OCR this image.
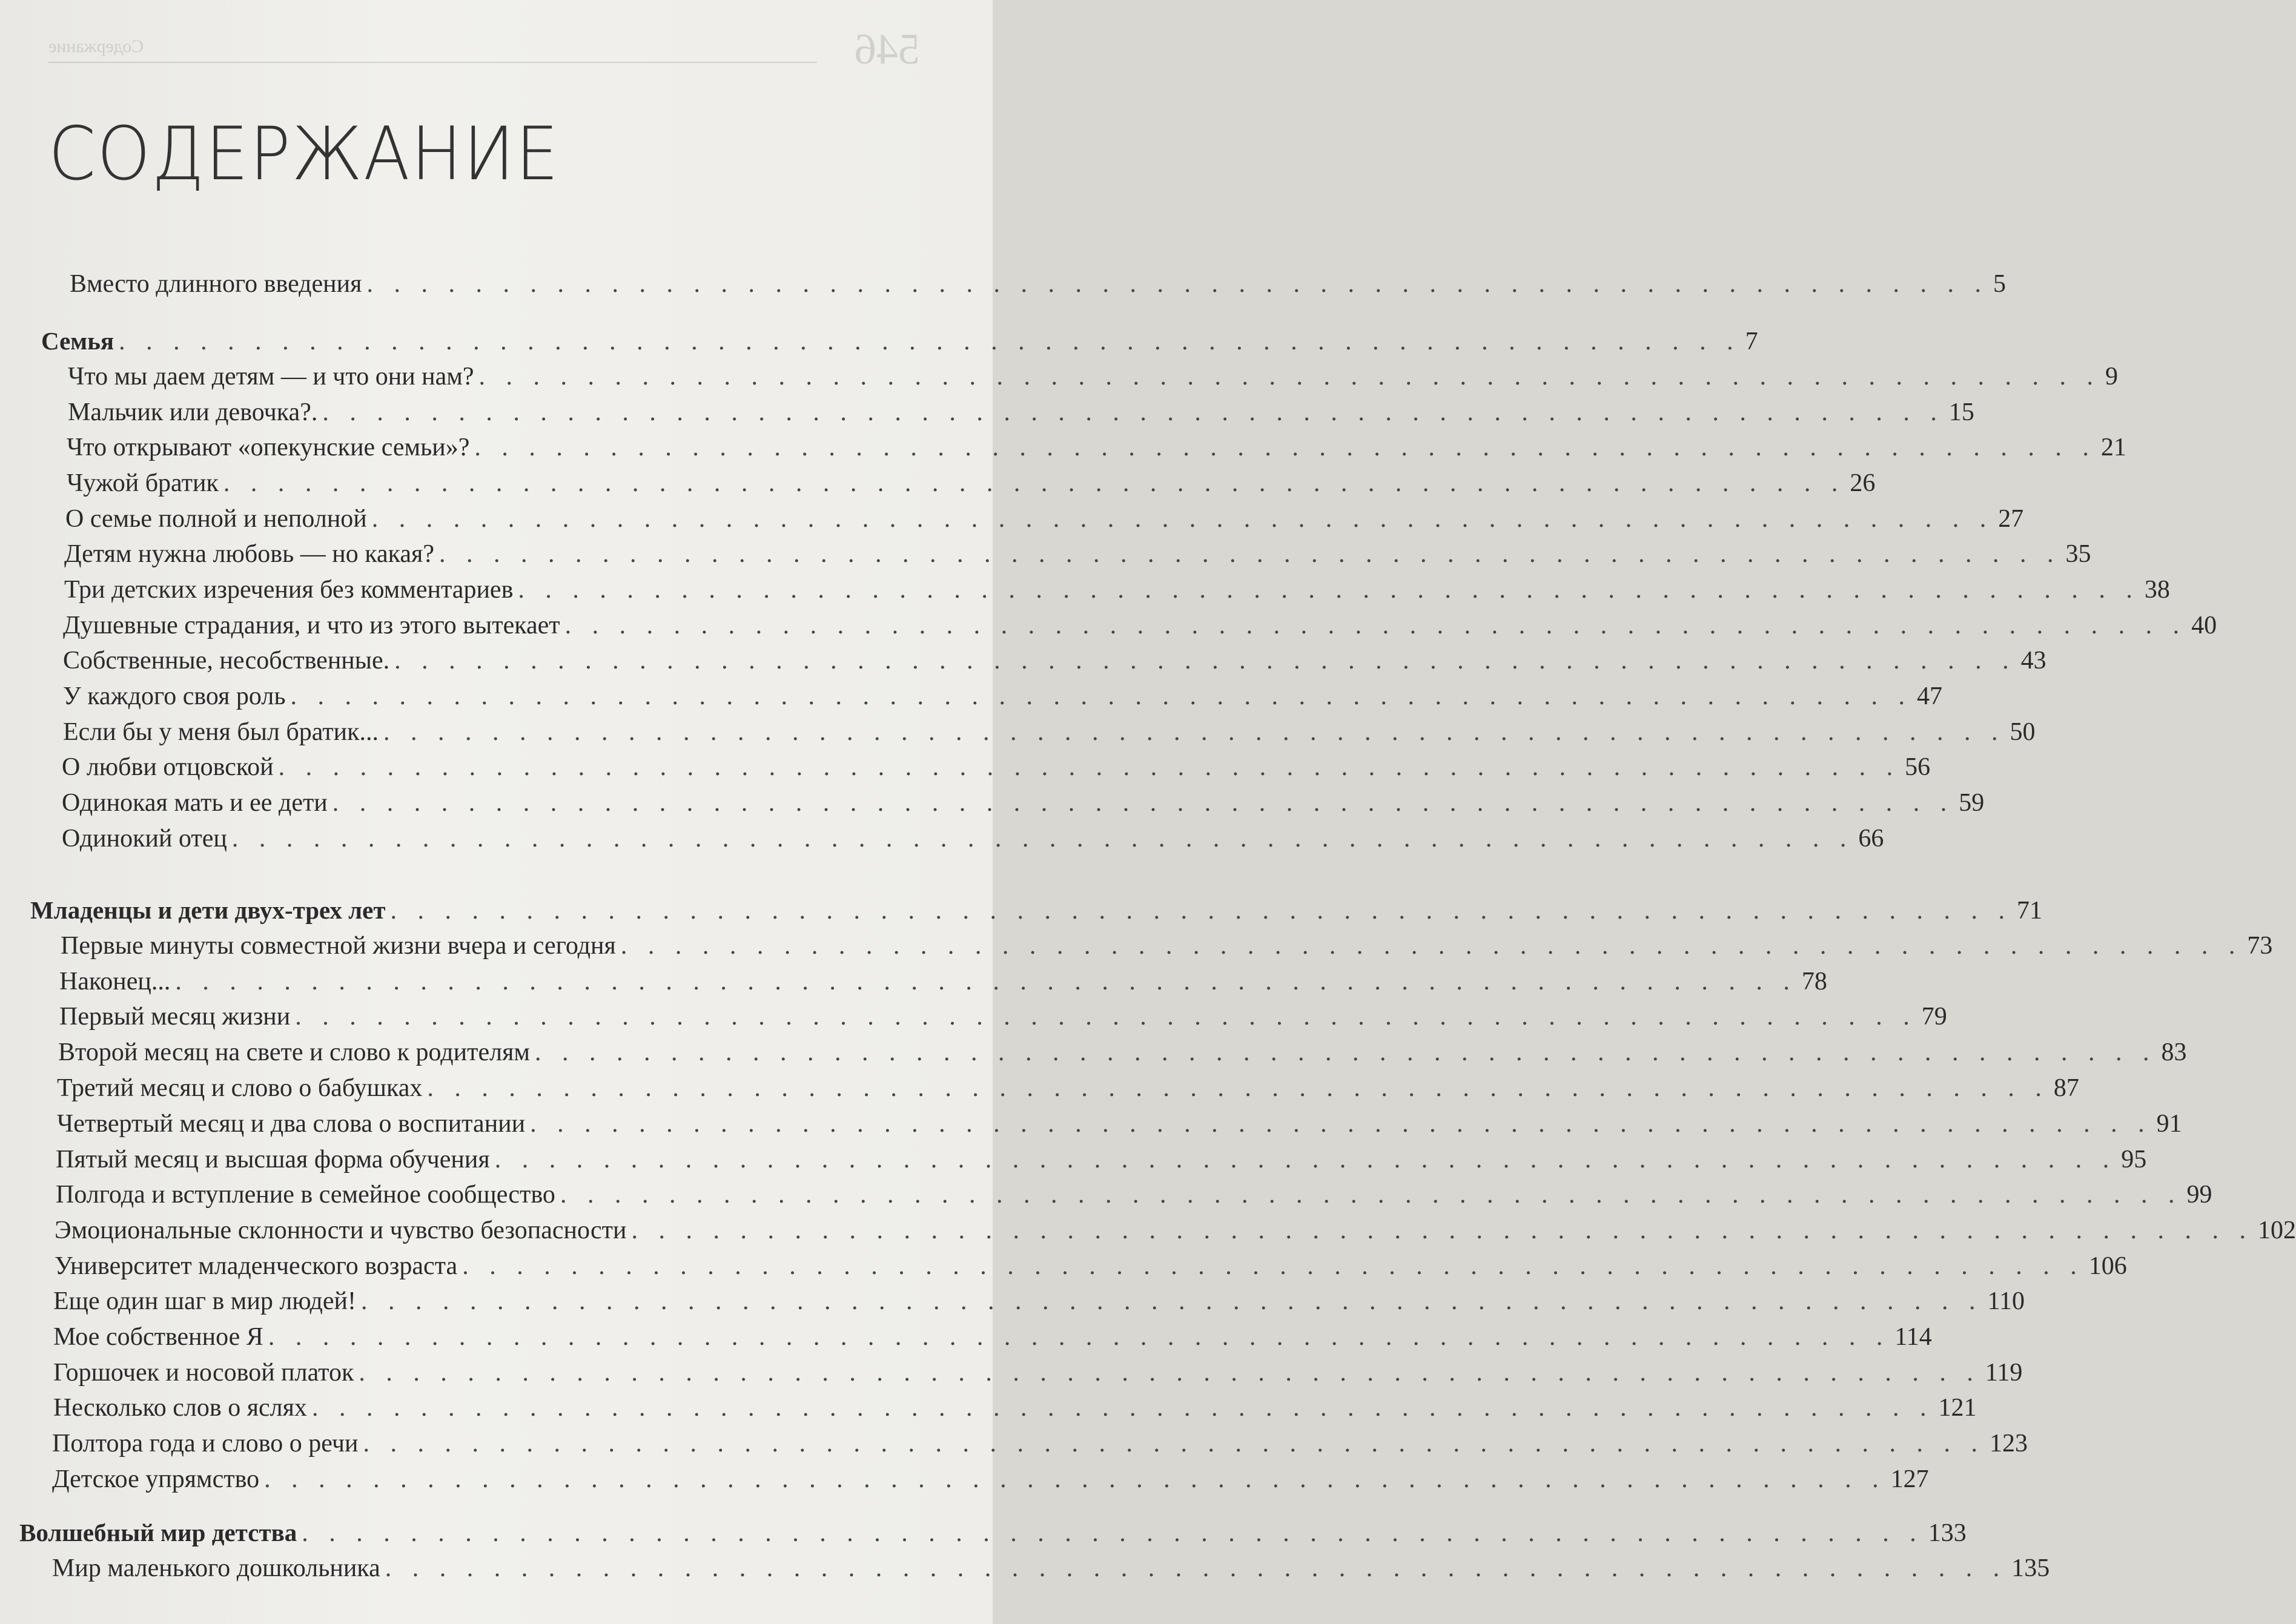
Содержание	546
СОДЕРЖАНИЕ
Вместо длинного введения . . . . . . . . . . . . . . . . . . . . . . . . . . . . . . . . . . . . . . . . . . . . . . . . . . . . . . . . . . . . 5
Семья . . . . . . . . . . . . . . . . . . . . . . . . . . . . . . . . . . . . . . . . . . . . . . . . . . . . . . . . . . . . 7
Что мы даем детям — и что они нам? . . . . . . . . . . . . . . . . . . . . . . . . . . . . . . . . . . . . . . . . . . . . . . . . . . . . . . . . . . . . 9
Мальчик или девочка?. . . . . . . . . . . . . . . . . . . . . . . . . . . . . . . . . . . . . . . . . . . . . . . . . . . . . . . . . . . . . 15
Что открывают «опекунские семьи»? . . . . . . . . . . . . . . . . . . . . . . . . . . . . . . . . . . . . . . . . . . . . . . . . . . . . . . . . . . . . 21
Чужой братик . . . . . . . . . . . . . . . . . . . . . . . . . . . . . . . . . . . . . . . . . . . . . . . . . . . . . . . . . . . . 26
О семье полной и неполной . . . . . . . . . . . . . . . . . . . . . . . . . . . . . . . . . . . . . . . . . . . . . . . . . . . . . . . . . . . . 27
Детям нужна любовь — но какая? . . . . . . . . . . . . . . . . . . . . . . . . . . . . . . . . . . . . . . . . . . . . . . . . . . . . . . . . . . . . 35
Три детских изречения без комментариев . . . . . . . . . . . . . . . . . . . . . . . . . . . . . . . . . . . . . . . . . . . . . . . . . . . . . . . . . . . . 38
Душевные страдания, и что из этого вытекает . . . . . . . . . . . . . . . . . . . . . . . . . . . . . . . . . . . . . . . . . . . . . . . . . . . . . . . . . . . . 40
Собственные, несобственные. . . . . . . . . . . . . . . . . . . . . . . . . . . . . . . . . . . . . . . . . . . . . . . . . . . . . . . . . . . . . 43
У каждого своя роль . . . . . . . . . . . . . . . . . . . . . . . . . . . . . . . . . . . . . . . . . . . . . . . . . . . . . . . . . . . . 47
Если бы у меня был братик... . . . . . . . . . . . . . . . . . . . . . . . . . . . . . . . . . . . . . . . . . . . . . . . . . . . . . . . . . . . . 50
О любви отцовской . . . . . . . . . . . . . . . . . . . . . . . . . . . . . . . . . . . . . . . . . . . . . . . . . . . . . . . . . . . . 56
Одинокая мать и ее дети . . . . . . . . . . . . . . . . . . . . . . . . . . . . . . . . . . . . . . . . . . . . . . . . . . . . . . . . . . . . 59
Одинокий отец . . . . . . . . . . . . . . . . . . . . . . . . . . . . . . . . . . . . . . . . . . . . . . . . . . . . . . . . . . . . 66
Младенцы и дети двух-трех лет . . . . . . . . . . . . . . . . . . . . . . . . . . . . . . . . . . . . . . . . . . . . . . . . . . . . . . . . . . . . 71
Первые минуты совместной жизни вчера и сегодня . . . . . . . . . . . . . . . . . . . . . . . . . . . . . . . . . . . . . . . . . . . . . . . . . . . . . . . . . . . . 73
Наконец... . . . . . . . . . . . . . . . . . . . . . . . . . . . . . . . . . . . . . . . . . . . . . . . . . . . . . . . . . . . . 78
Первый месяц жизни . . . . . . . . . . . . . . . . . . . . . . . . . . . . . . . . . . . . . . . . . . . . . . . . . . . . . . . . . . . . 79
Второй месяц на свете и слово к родителям . . . . . . . . . . . . . . . . . . . . . . . . . . . . . . . . . . . . . . . . . . . . . . . . . . . . . . . . . . . . 83
Третий месяц и слово о бабушках . . . . . . . . . . . . . . . . . . . . . . . . . . . . . . . . . . . . . . . . . . . . . . . . . . . . . . . . . . . . 87
Четвертый месяц и два слова о воспитании . . . . . . . . . . . . . . . . . . . . . . . . . . . . . . . . . . . . . . . . . . . . . . . . . . . . . . . . . . . . 91
Пятый месяц и высшая форма обучения . . . . . . . . . . . . . . . . . . . . . . . . . . . . . . . . . . . . . . . . . . . . . . . . . . . . . . . . . . . . 95
Полгода и вступление в семейное сообщество . . . . . . . . . . . . . . . . . . . . . . . . . . . . . . . . . . . . . . . . . . . . . . . . . . . . . . . . . . . . 99
Эмоциональные склонности и чувство безопасности . . . . . . . . . . . . . . . . . . . . . . . . . . . . . . . . . . . . . . . . . . . . . . . . . . . . . . . . . . . . 102
Университет младенческого возраста . . . . . . . . . . . . . . . . . . . . . . . . . . . . . . . . . . . . . . . . . . . . . . . . . . . . . . . . . . . . 106
Еще один шаг в мир людей! . . . . . . . . . . . . . . . . . . . . . . . . . . . . . . . . . . . . . . . . . . . . . . . . . . . . . . . . . . . . 110
Мое собственное Я . . . . . . . . . . . . . . . . . . . . . . . . . . . . . . . . . . . . . . . . . . . . . . . . . . . . . . . . . . . . 114
Горшочек и носовой платок . . . . . . . . . . . . . . . . . . . . . . . . . . . . . . . . . . . . . . . . . . . . . . . . . . . . . . . . . . . . 119
Несколько слов о яслях . . . . . . . . . . . . . . . . . . . . . . . . . . . . . . . . . . . . . . . . . . . . . . . . . . . . . . . . . . . . 121
Полтора года и слово о речи . . . . . . . . . . . . . . . . . . . . . . . . . . . . . . . . . . . . . . . . . . . . . . . . . . . . . . . . . . . . 123
Детское упрямство . . . . . . . . . . . . . . . . . . . . . . . . . . . . . . . . . . . . . . . . . . . . . . . . . . . . . . . . . . . . 127
Волшебный мир детства . . . . . . . . . . . . . . . . . . . . . . . . . . . . . . . . . . . . . . . . . . . . . . . . . . . . . . . . . . . . 133
Мир маленького дошкольника . . . . . . . . . . . . . . . . . . . . . . . . . . . . . . . . . . . . . . . . . . . . . . . . . . . . . . . . . . . . 135
